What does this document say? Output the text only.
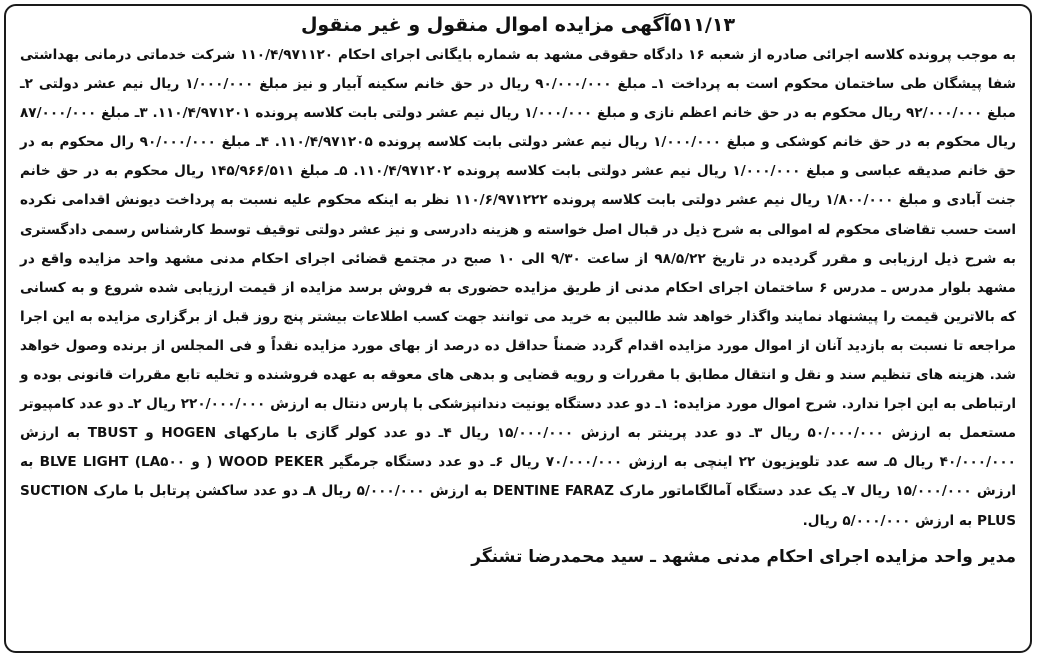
۵۱۱/۱۳آگهی مزایده اموال منقول و غیر منقول

به موجب پرونده کلاسه اجرائی صادره از شعبه ۱۶ دادگاه حقوقی مشهد به شماره بایگانی اجرای احکام ۱۱۰/۴/۹۷۱۱۲۰ شرکت خدماتی درمانی بهداشتی شفا پیشگان طی ساختمان محکوم است به پرداخت ۱ـ مبلغ ۹۰/۰۰۰/۰۰۰ ریال در حق خانم سکینه آبیار و نیز مبلغ ۱/۰۰۰/۰۰۰ ریال نیم عشر دولتی ۲ـ مبلغ ۹۲/۰۰۰/۰۰۰ ریال محکوم به در حق خانم اعظم نازی و مبلغ ۱/۰۰۰/۰۰۰ ریال نیم عشر دولتی بابت کلاسه پرونده ۱۱۰/۴/۹۷۱۲۰۱. ۳ـ مبلغ ۸۷/۰۰۰/۰۰۰ ریال محکوم به در حق خانم کوشکی و مبلغ ۱/۰۰۰/۰۰۰ ریال نیم عشر دولتی بابت کلاسه پرونده ۱۱۰/۴/۹۷۱۲۰۵. ۴ـ مبلغ ۹۰/۰۰۰/۰۰۰ رال محکوم به در حق خانم صدیقه عباسی و مبلغ ۱/۰۰۰/۰۰۰ ریال نیم عشر دولتی بابت کلاسه پرونده ۱۱۰/۴/۹۷۱۲۰۲. ۵ـ مبلغ ۱۴۵/۹۶۶/۵۱۱ ریال محکوم به در حق خانم جنت آبادی و مبلغ ۱/۸۰۰/۰۰۰ ریال نیم عشر دولتی بابت کلاسه پرونده ۱۱۰/۶/۹۷۱۲۲۲ نظر به اینکه محکوم علیه نسبت به پرداخت دیونش اقدامی نکرده است حسب تقاضای محکوم له اموالی به شرح ذیل در قبال اصل خواسته و هزینه دادرسی و نیز عشر دولتی توقیف توسط کارشناس رسمی دادگستری به شرح ذیل ارزیابی و مقرر گردیده در تاریخ ۹۸/۵/۲۲ از ساعت ۹/۳۰ الی ۱۰ صبح در مجتمع قضائی اجرای احکام مدنی مشهد واحد مزایده واقع در مشهد بلوار مدرس ـ مدرس ۶ ساختمان اجرای احکام مدنی از طریق مزایده حضوری به فروش برسد مزایده از قیمت ارزیابی شده شروع و به کسانی که بالاترین قیمت را پیشنهاد نمایند واگذار خواهد شد طالبین به خرید می توانند جهت کسب اطلاعات بیشتر پنج روز قبل از برگزاری مزایده به این اجرا مراجعه تا نسبت به بازدید آنان از اموال مورد مزایده اقدام گردد ضمناً حداقل ده درصد از بهای مورد مزایده نقداً و فی المجلس از برنده وصول خواهد شد. هزینه های تنظیم سند و نقل و انتقال مطابق با مقررات و رویه قضایی و بدهی های معوقه به عهده فروشنده و تخلیه تابع مقررات قانونی بوده و ارتباطی به این اجرا ندارد. شرح اموال مورد مزایده: ۱ـ دو عدد دستگاه یونیت دندانپزشکی با پارس دنتال به ارزش ۲۲۰/۰۰۰/۰۰۰ ریال ۲ـ دو عدد کامپیوتر مستعمل به ارزش ۵۰/۰۰۰/۰۰۰ ریال ۳ـ دو عدد پرینتر به ارزش ۱۵/۰۰۰/۰۰۰ ریال ۴ـ دو عدد کولر گازی با مارکهای HOGEN و TBUST به ارزش ۴۰/۰۰۰/۰۰۰ ریال ۵ـ سه عدد تلویزیون ۲۲ اینچی به ارزش ۷۰/۰۰۰/۰۰۰ ریال ۶ـ دو عدد دستگاه جرمگیر WOOD PEKER ( و BLVE LIGHT (LA۵۰۰ به ارزش ۱۵/۰۰۰/۰۰۰ ریال ۷ـ یک عدد دستگاه آمالگاماتور مارک DENTINE FARAZ به ارزش ۵/۰۰۰/۰۰۰ ریال ۸ـ دو عدد ساکشن پرتابل با مارک SUCTION PLUS به ارزش ۵/۰۰۰/۰۰۰ ریال.

مدیر واحد مزایده اجرای احکام مدنی مشهد ـ سید محمدرضا تشنگر
